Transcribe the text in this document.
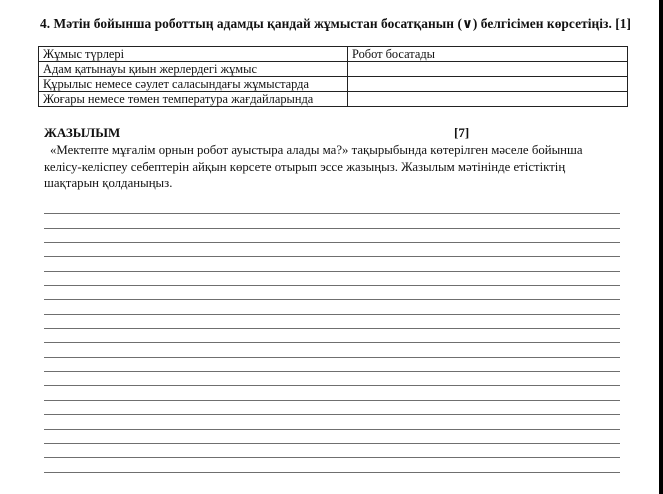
4. Мәтін бойынша роботтың адамды қандай жұмыстан босатқанын (∨) белгісімен көрсетіңіз. [1]
Жұмыс түрлері	Робот босатады
Адам қатынауы қиын жерлердегі жұмыс	
Құрылыс немесе сәулет саласындағы жұмыстарда	
Жоғары немесе төмен температура жағдайларында	
ЖАЗЫЛЫМ	[7]
«Мектепте мұғалім орнын робот ауыстыра алады ма?» тақырыбында көтерілген мәселе бойынша
келісу-келіспеу себептерін айқын көрсете отырып эссе жазыңыз. Жазылым мәтінінде етістіктің
шақтарын қолданыңыз.
